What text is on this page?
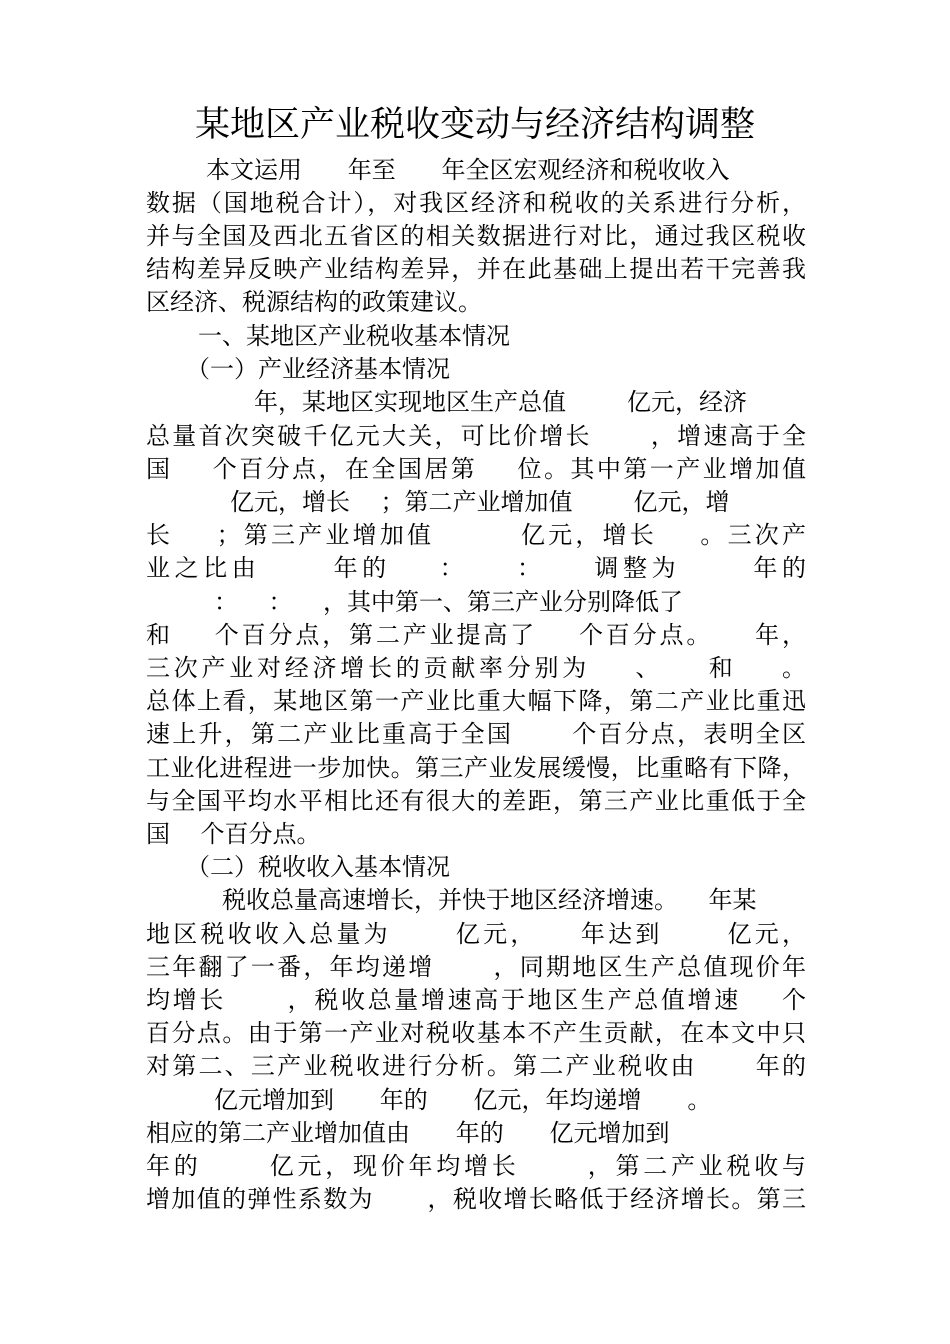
某地区产业税收变动与经济结构调整
本文运用      年至      年全区宏观经济和税收收入
数据（国地税合计），对我区经济和税收的关系进行分析，
并与全国及西北五省区的相关数据进行对比，通过我区税收
结构差异反映产业结构差异，并在此基础上提出若干完善我
区经济、税源结构的政策建议。
一、某地区产业税收基本情况
（一）产业经济基本情况
年，某地区实现地区生产总值        亿元，经济
总量首次突破千亿元大关，可比价增长      ，增速高于全
国    个百分点，在全国居第    位。其中第一产业增加值
亿元，增长    ；第二产业增加值        亿元，增
长    ；第三产业增加值        亿元，增长    。三次产
业之比由      年的    ：    ：    调整为      年的
：    ：    ，其中第一、第三产业分别降低了
和    个百分点，第二产业提高了    个百分点。    年，
三次产业对经济增长的贡献率分别为    、    和    。
总体上看，某地区第一产业比重大幅下降，第二产业比重迅
速上升，第二产业比重高于全国      个百分点，表明全区
工业化进程进一步加快。第三产业发展缓慢，比重略有下降，
与全国平均水平相比还有很大的差距，第三产业比重低于全
国    个百分点。
（二）税收收入基本情况
税收总量高速增长，并快于地区经济增速。    年某
地区税收收入总量为      亿元，    年达到      亿元，
三年翻了一番，年均递增      ，同期地区生产总值现价年
均增长      ，税收总量增速高于地区生产总值增速    个
百分点。由于第一产业对税收基本不产生贡献，在本文中只
对第二、三产业税收进行分析。第二产业税收由      年的
亿元增加到      年的      亿元，年均递增      。
相应的第二产业增加值由      年的      亿元增加到
年的      亿元，现价年均增长      ，第二产业税收与
增加值的弹性系数为      ，税收增长略低于经济增长。第三
